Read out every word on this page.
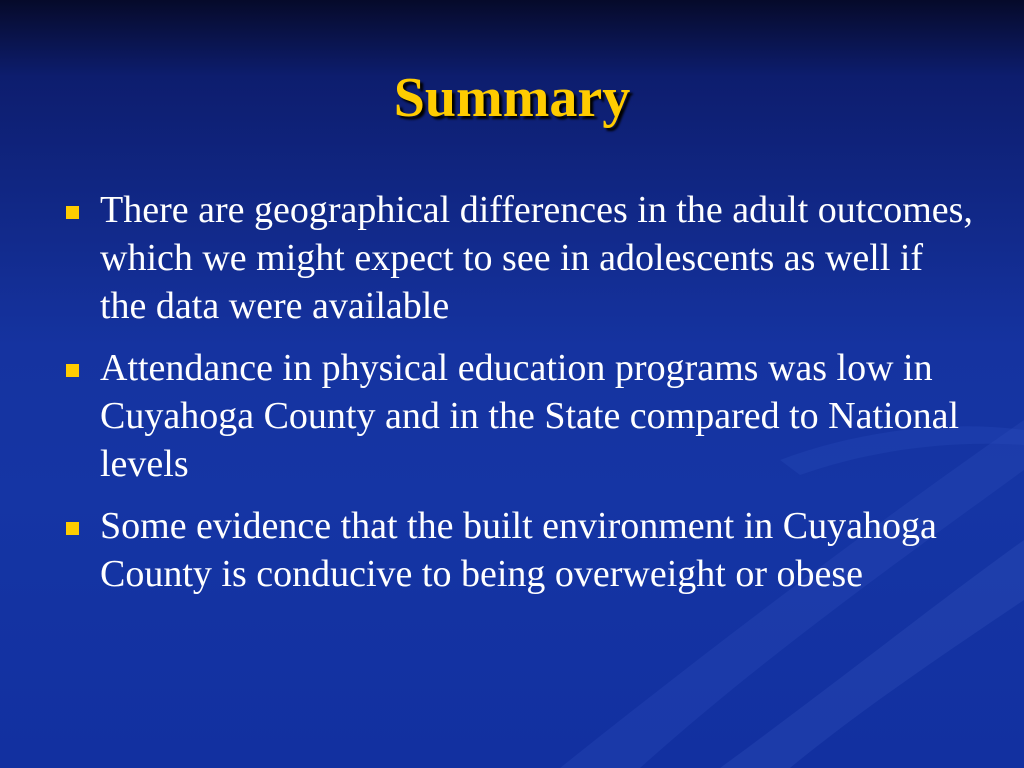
Summary
There are geographical differences in the adult outcomes, which we might expect to see in adolescents as well if the data were available
Attendance in physical education programs was low in Cuyahoga County and in the State compared to National levels
Some evidence that the built environment in Cuyahoga County is conducive to being overweight or obese
